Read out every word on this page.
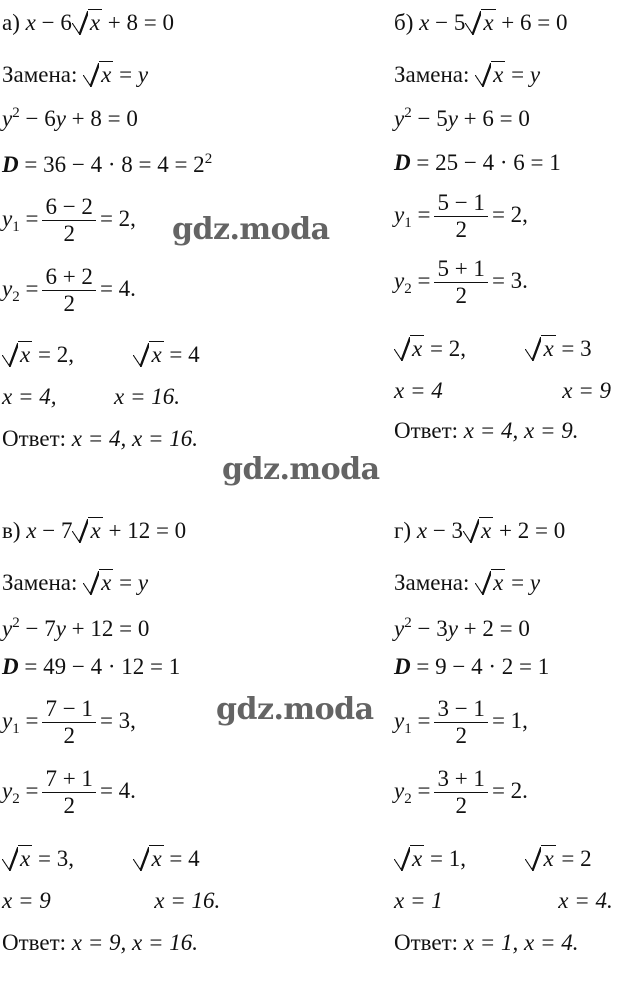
а) x − 6 x + 8 = 0
Замена: x = y
$y^2 - 6y + 8 = 0$
$D = 36 - 4 \cdot 8 = 4 = 2^2$
$y_1 = \frac{6 - 2}{2} = 2$,
$y_2 = \frac{6 + 2}{2} = 4$.
x = 2,	x = 4
x = 4,	x = 16.
Ответ: x = 4, x = 16.
б) x − 5 x + 6 = 0
Замена: x = y
$y^2 - 5y + 6 = 0$
D = 25 − 4 · 6 = 1
$y_1 = \frac{5 - 1}{2} = 2$,
$y_2 = \frac{5 + 1}{2} = 3$.
x = 2,	x = 3
x = 4	x = 9
Ответ: x = 4, x = 9.
в) x − 7 x + 12 = 0
Замена: x = y
$y^2 - 7y + 12 = 0$
D = 49 − 4 · 12 = 1
$y_1 = \frac{7 - 1}{2} = 3$,
$y_2 = \frac{7 + 1}{2} = 4$.
x = 3,	x = 4
x = 9	x = 16.
Ответ: x = 9, x = 16.
г) x − 3 x + 2 = 0
Замена: x = y
$y^2 - 3y + 2 = 0$
D = 9 − 4 · 2 = 1
$y_1 = \frac{3 - 1}{2} = 1$,
$y_2 = \frac{3 + 1}{2} = 2$.
x = 1,	x = 2
x = 1	x = 4.
Ответ: x = 1, x = 4.
gdz.moda
gdz.moda
gdz.moda
